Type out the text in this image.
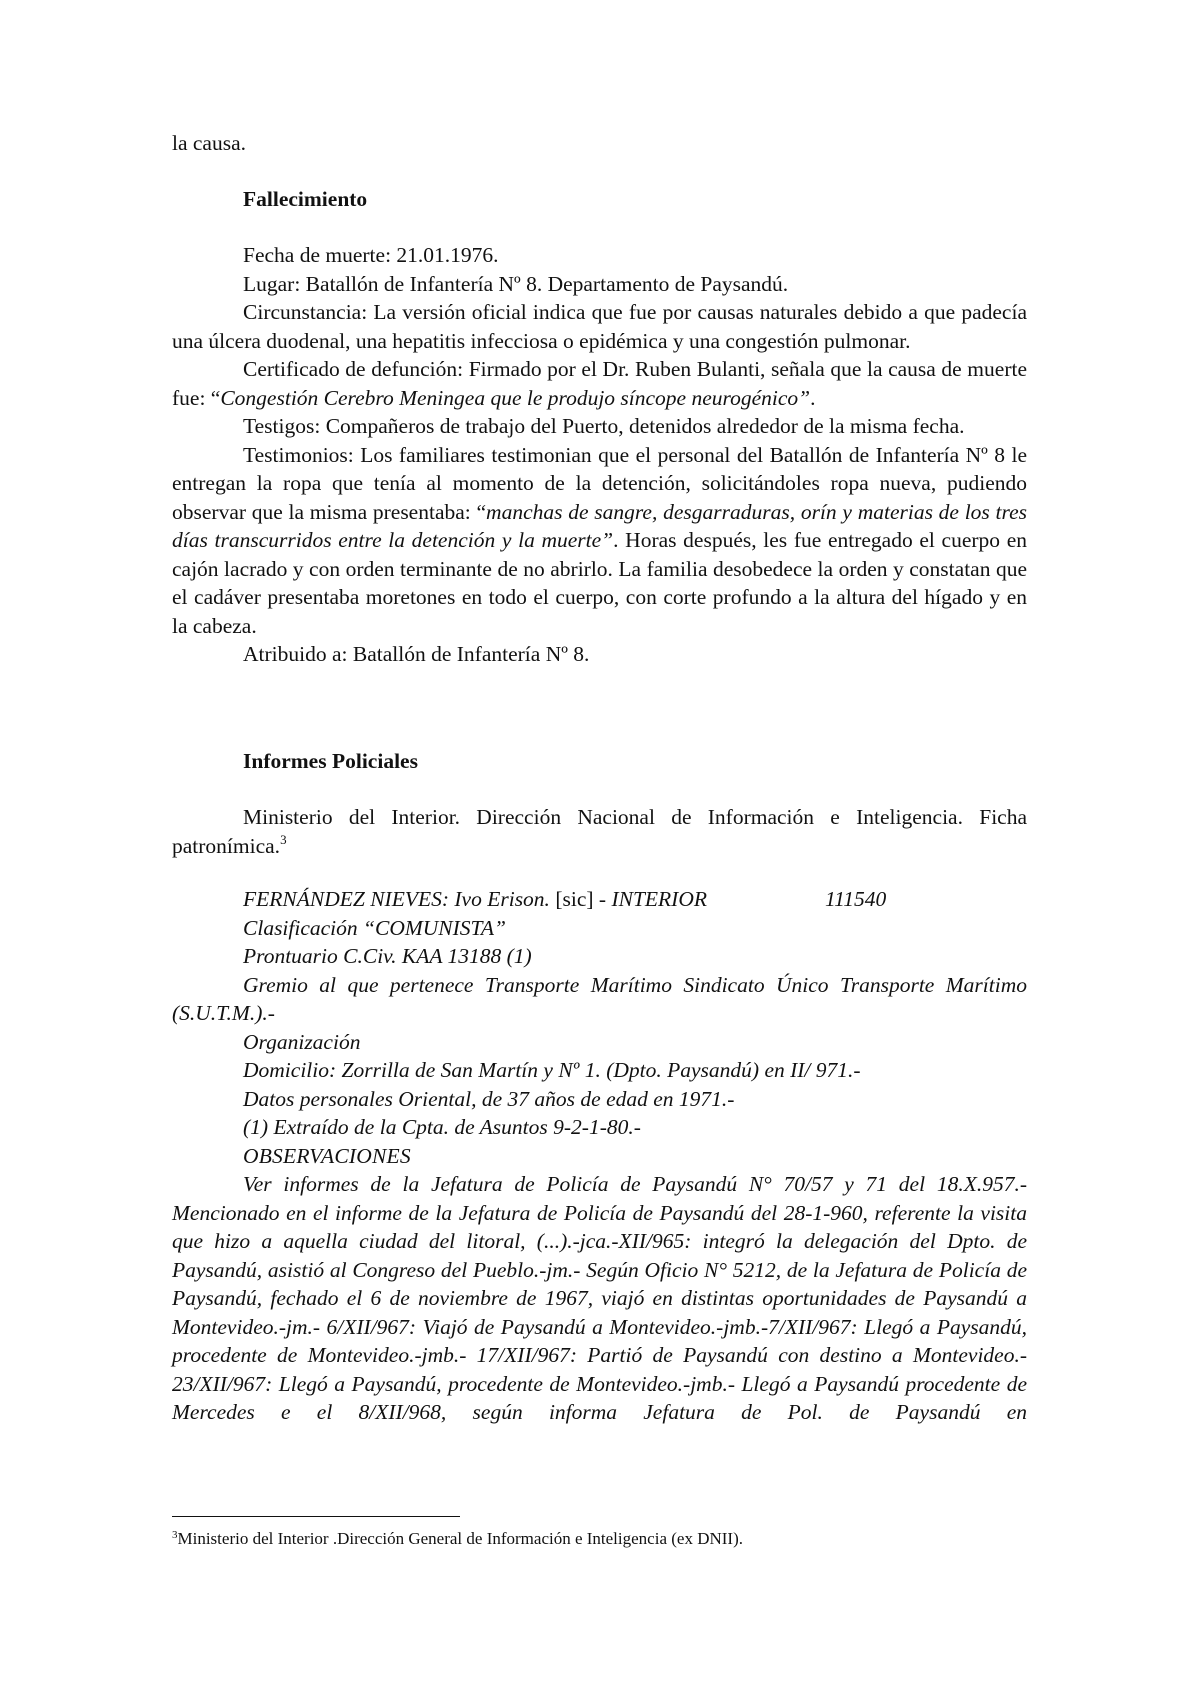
la causa.

Fallecimiento

Fecha de muerte: 21.01.1976.

Lugar: Batallón de Infantería Nº 8. Departamento de Paysandú.

Circunstancia: La versión oficial indica que fue por causas naturales debido a que padecía una úlcera duodenal, una hepatitis infecciosa o epidémica y una congestión pulmonar.

Certificado de defunción: Firmado por el Dr. Ruben Bulanti, señala que la causa de muerte fue: “Congestión Cerebro Meningea que le produjo síncope neurogénico”.

Testigos: Compañeros de trabajo del Puerto, detenidos alrededor de la misma fecha.

Testimonios: Los familiares testimonian que el personal del Batallón de Infantería Nº 8 le entregan la ropa que tenía al momento de la detención, solicitándoles ropa nueva, pudiendo observar que la misma presentaba: “manchas de sangre, desgarraduras, orín y materias de los tres días transcurridos entre la detención y la muerte”. Horas después, les fue entregado el cuerpo en cajón lacrado y con orden terminante de no abrirlo. La familia desobedece la orden y constatan que el cadáver presentaba moretones en todo el cuerpo, con corte profundo a la altura del hígado y en la cabeza.

Atribuido a: Batallón de Infantería Nº 8.

Informes Policiales

Ministerio del Interior. Dirección Nacional de Información e Inteligencia. Ficha patronímica.$^3$

FERNÁNDEZ NIEVES: Ivo Erison. [sic] - INTERIOR	111540

Clasificación “COMUNISTA”

Prontuario C.Civ. KAA 13188 (1)

Gremio al que pertenece Transporte Marítimo Sindicato Único Transporte Marítimo (S.U.T.M.).-

Organización

Domicilio: Zorrilla de San Martín y Nº 1. (Dpto. Paysandú) en II/ 971.-

Datos personales Oriental, de 37 años de edad en 1971.-

(1) Extraído de la Cpta. de Asuntos 9-2-1-80.-

OBSERVACIONES

Ver informes de la Jefatura de Policía de Paysandú N° 70/57 y 71 del 18.X.957.- Mencionado en el informe de la Jefatura de Policía de Paysandú del 28-1-960, referente la visita que hizo a aquella ciudad del litoral, (...).-jca.-XII/965: integró la delegación del Dpto. de Paysandú, asistió al Congreso del Pueblo.-jm.- Según Oficio N° 5212, de la Jefatura de Policía de Paysandú, fechado el 6 de noviembre de 1967, viajó en distintas oportunidades de Paysandú a Montevideo.-jm.- 6/XII/967: Viajó de Paysandú a Montevideo.-jmb.-7/XII/967: Llegó a Paysandú, procedente de Montevideo.-jmb.- 17/XII/967: Partió de Paysandú con destino a Montevideo.- 23/XII/967: Llegó a Paysandú, procedente de Montevideo.-jmb.- Llegó a Paysandú procedente de Mercedes e el 8/XII/968, según informa Jefatura de Pol. de Paysandú en

$^3$Ministerio del Interior .Dirección General de Información e Inteligencia (ex DNII).
